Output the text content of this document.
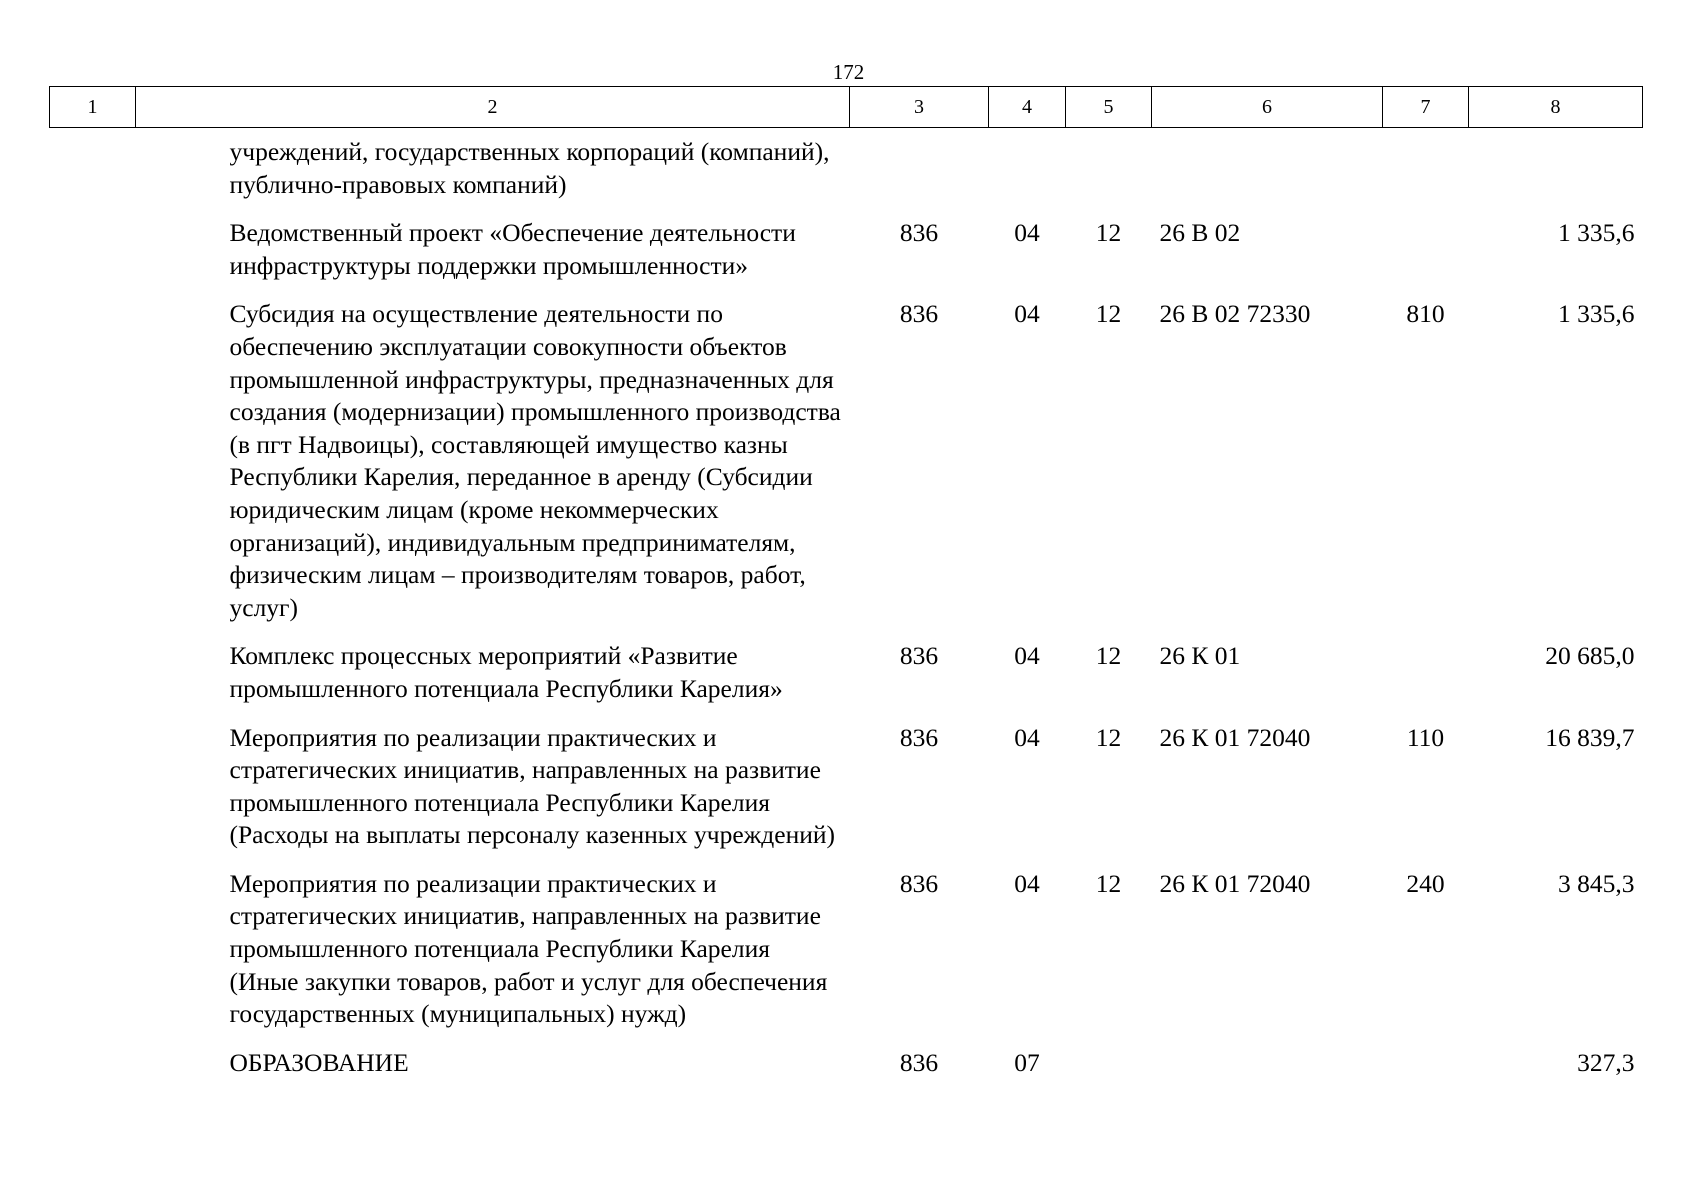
172
1	2	3	4	5	6	7	8
	учреждений, государственных корпораций (компаний), публично-правовых компаний)						
	Ведомственный проект «Обеспечение деятельности инфраструктуры поддержки промышленности»	836	04	12	26 В 02		1 335,6
	Субсидия на осуществление деятельности по обеспечению эксплуатации совокупности объектов промышленной инфраструктуры, предназначенных для создания (модернизации) промышленного производства (в пгт Надвоицы), составляющей имущество казны Республики Карелия, переданное в аренду (Субсидии юридическим лицам (кроме некоммерческих организаций), индивидуальным предпринимателям, физическим лицам – производителям товаров, работ, услуг)	836	04	12	26 В 02 72330	810	1 335,6
	Комплекс процессных мероприятий «Развитие промышленного потенциала Республики Карелия»	836	04	12	26 К 01		20 685,0
	Мероприятия по реализации практических и стратегических инициатив, направленных на развитие промышленного потенциала Республики Карелия (Расходы на выплаты персоналу казенных учреждений)	836	04	12	26 К 01 72040	110	16 839,7
	Мероприятия по реализации практических и стратегических инициатив, направленных на развитие промышленного потенциала Республики Карелия (Иные закупки товаров, работ и услуг для обеспечения государственных (муниципальных) нужд)	836	04	12	26 К 01 72040	240	3 845,3
	ОБРАЗОВАНИЕ	836	07				327,3
